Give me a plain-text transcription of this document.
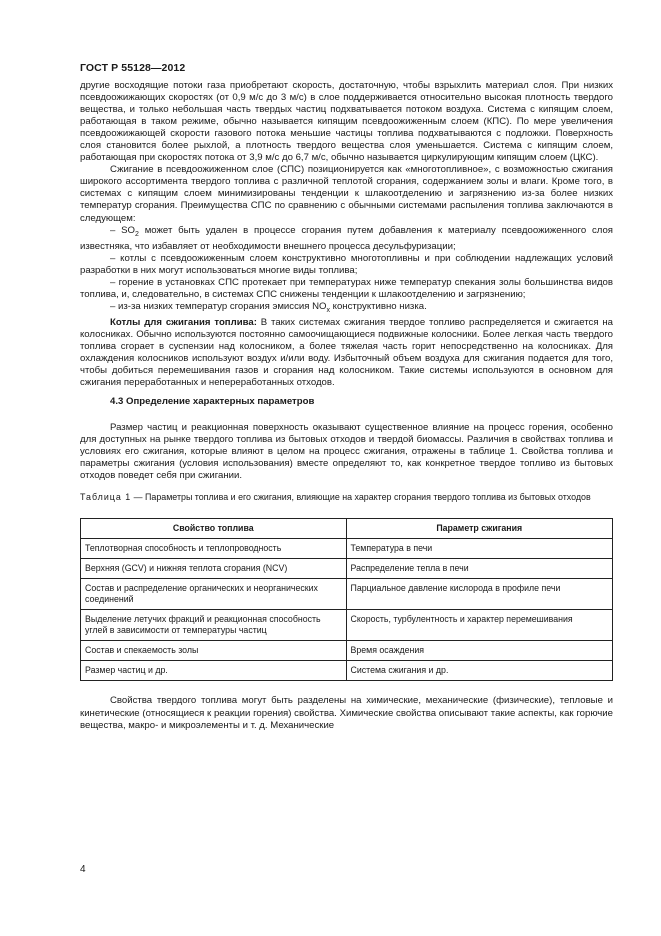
ГОСТ Р 55128—2012

другие восходящие потоки газа приобретают скорость, достаточную, чтобы взрыхлить материал слоя. При низких псевдоожижающих скоростях (от 0,9 м/с до 3 м/с) в слое поддерживается относительно высокая плотность твердого вещества, и только небольшая часть твердых частиц подхватывается потоком воздуха. Система с кипящим слоем, работающая в таком режиме, обычно называется кипящим псевдоожиженным слоем (КПС). По мере увеличения псевдоожижающей скорости газового потока меньшие частицы топлива подхватываются с подложки. Поверхность слоя становится более рыхлой, а плотность твердого вещества слоя уменьшается. Система с кипящим слоем, работающая при скоростях потока от 3,9 м/с до 6,7 м/с, обычно называется циркулирующим кипящим слоем (ЦКС).

Сжигание в псевдоожиженном слое (СПС) позиционируется как «многотопливное», с возможностью сжигания широкого ассортимента твердого топлива с различной теплотой сгорания, содержанием золы и влаги. Кроме того, в системах с кипящим слоем минимизированы тенденции к шлакоотделению и загрязнению из-за более низких температур сгорания. Преимущества СПС по сравнению с обычными системами распыления топлива заключаются в следующем:

– $SO_2$ может быть удален в процессе сгорания путем добавления к материалу псевдоожиженного слоя известняка, что избавляет от необходимости внешнего процесса десульфуризации;

– котлы с псевдоожиженным слоем конструктивно многотопливны и при соблюдении надлежащих условий разработки в них могут использоваться многие виды топлива;

– горение в установках СПС протекает при температурах ниже температур спекания золы большинства видов топлива, и, следовательно, в системах СПС снижены тенденции к шлакоотделению и загрязнению;

– из-за низких температур сгорания эмиссия $NO_x$ конструктивно низка.

Котлы для сжигания топлива: В таких системах сжигания твердое топливо распределяется и сжигается на колосниках. Обычно используются постоянно самоочищающиеся подвижные колосники. Более легкая часть твердого топлива сгорает в суспензии над колосником, а более тяжелая часть горит непосредственно на колосниках. Для охлаждения колосников используют воздух и/или воду. Избыточный объем воздуха для сжигания подается для того, чтобы добиться перемешивания газов и сгорания над колосником. Такие системы используются в основном для сжигания переработанных и непереработанных отходов.

4.3 Определение характерных параметров

Размер частиц и реакционная поверхность оказывают существенное влияние на процесс горения, особенно для доступных на рынке твердого топлива из бытовых отходов и твердой биомассы. Различия в свойствах топлива и условиях его сжигания, которые влияют в целом на процесс сжигания, отражены в таблице 1. Свойства топлива и параметры сжигания (условия использования) вместе определяют то, как конкретное твердое топливо из бытовых отходов поведет себя при сжигании.

Таблица 1 — Параметры топлива и его сжигания, влияющие на характер сгорания твердого топлива из бытовых отходов

Свойство топлива	Параметр сжигания
Теплотворная способность и теплопроводность	Температура в печи
Верхняя (GCV) и нижняя теплота сгорания (NCV)	Распределение тепла в печи
Состав и распределение органических и неорганических соединений	Парциальное давление кислорода в профиле печи
Выделение летучих фракций и реакционная способность углей в зависимости от температуры частиц	Скорость, турбулентность и характер перемешивания
Состав и спекаемость золы	Время осаждения
Размер частиц и др.	Система сжигания и др.

Свойства твердого топлива могут быть разделены на химические, механические (физические), тепловые и кинетические (относящиеся к реакции горения) свойства. Химические свойства описывают такие аспекты, как горючие вещества, макро- и микроэлементы и т. д. Механические

4
